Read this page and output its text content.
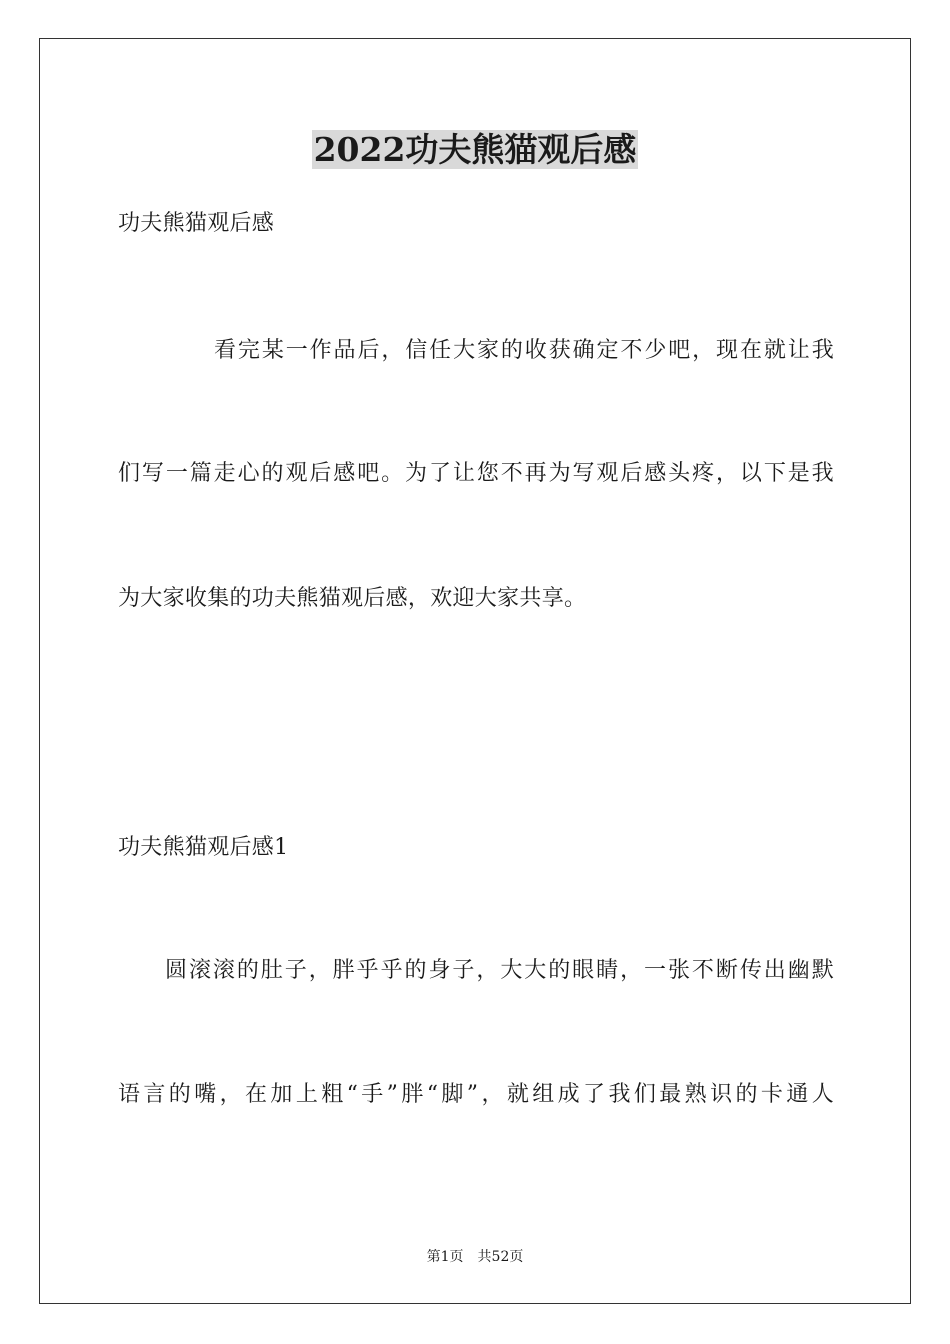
2022功夫熊猫观后感
功夫熊猫观后感
看完某一作品后，信任大家的收获确定不少吧，现在就让我
们写一篇走心的观后感吧。为了让您不再为写观后感头疼，以下是我
为大家收集的功夫熊猫观后感，欢迎大家共享。
功夫熊猫观后感1
圆滚滚的肚子，胖乎乎的身子，大大的眼睛，一张不断传出幽默
语言的嘴，在加上粗“手”胖“脚”，就组成了我们最熟识的卡通人
第1页 共52页
